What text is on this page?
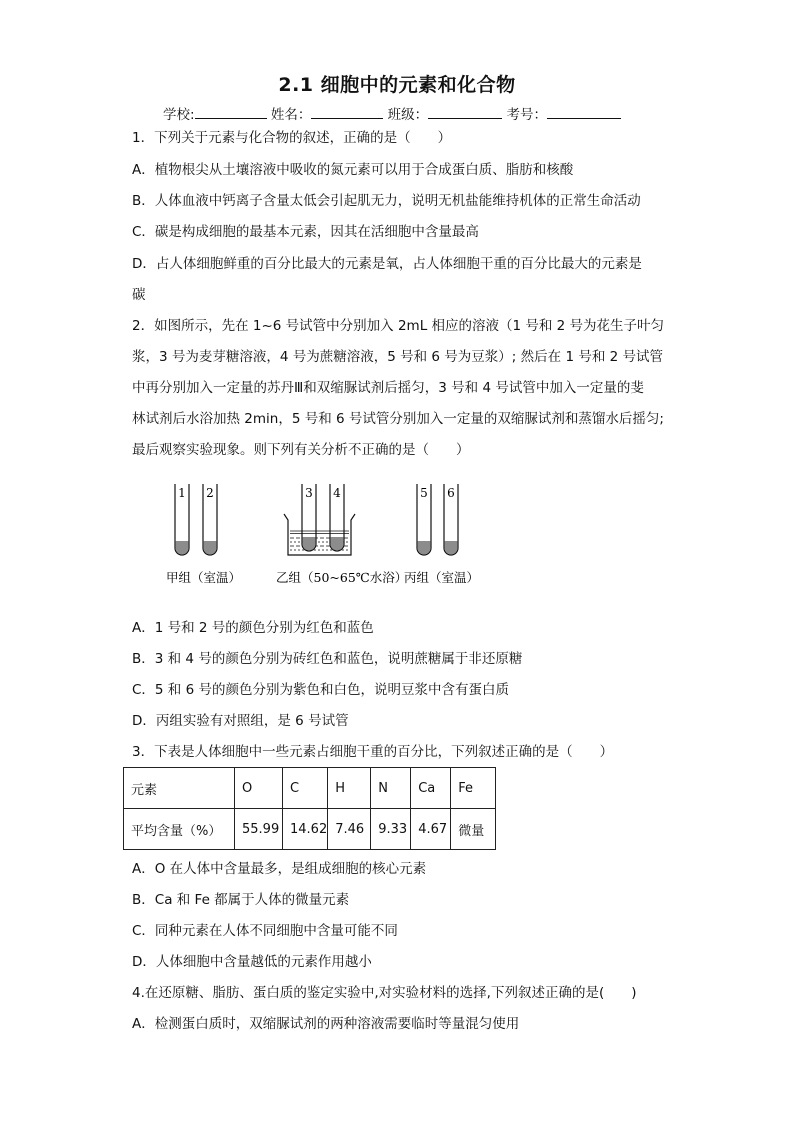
2.1 细胞中的元素和化合物
学校:	姓名：	班级：	考号：
1．下列关于元素与化合物的叙述，正确的是（　　）
A．植物根尖从土壤溶液中吸收的氮元素可以用于合成蛋白质、脂肪和核酸
B．人体血液中钙离子含量太低会引起肌无力，说明无机盐能维持机体的正常生命活动
C．碳是构成细胞的最基本元素，因其在活细胞中含量最高
D．占人体细胞鲜重的百分比最大的元素是氧，占人体细胞干重的百分比最大的元素是
碳
2．如图所示，先在 1~6 号试管中分别加入 2mL 相应的溶液（1 号和 2 号为花生子叶匀
浆，3 号为麦芽糖溶液，4 号为蔗糖溶液，5 号和 6 号为豆浆）; 然后在 1 号和 2 号试管
中再分别加入一定量的苏丹Ⅲ和双缩脲试剂后摇匀，3 号和 4 号试管中加入一定量的斐
林试剂后水浴加热 2min，5 号和 6 号试管分别加入一定量的双缩脲试剂和蒸馏水后摇匀;
最后观察实验现象。则下列有关分析不正确的是（　　）
1 2	3 4	5 6
甲组（室温）	乙组（50~65℃水浴）
丙组（室温）
A．1 号和 2 号的颜色分别为红色和蓝色
B．3 和 4 号的颜色分别为砖红色和蓝色，说明蔗糖属于非还原糖
C．5 和 6 号的颜色分别为紫色和白色，说明豆浆中含有蛋白质
D．丙组实验有对照组，是 6 号试管
3．下表是人体细胞中一些元素占细胞干重的百分比，下列叙述正确的是（　　）
元素	O	C	H	N	Ca	Fe
平均含量（%）	55.99	14.62	7.46	9.33	4.67	微量
A．O 在人体中含量最多，是组成细胞的核心元素
B．Ca 和 Fe 都属于人体的微量元素
C．同种元素在人体不同细胞中含量可能不同
D．人体细胞中含量越低的元素作用越小
4.在还原糖、脂肪、蛋白质的鉴定实验中,对实验材料的选择,下列叙述正确的是(　　)
A．检测蛋白质时，双缩脲试剂的两种溶液需要临时等量混匀使用
